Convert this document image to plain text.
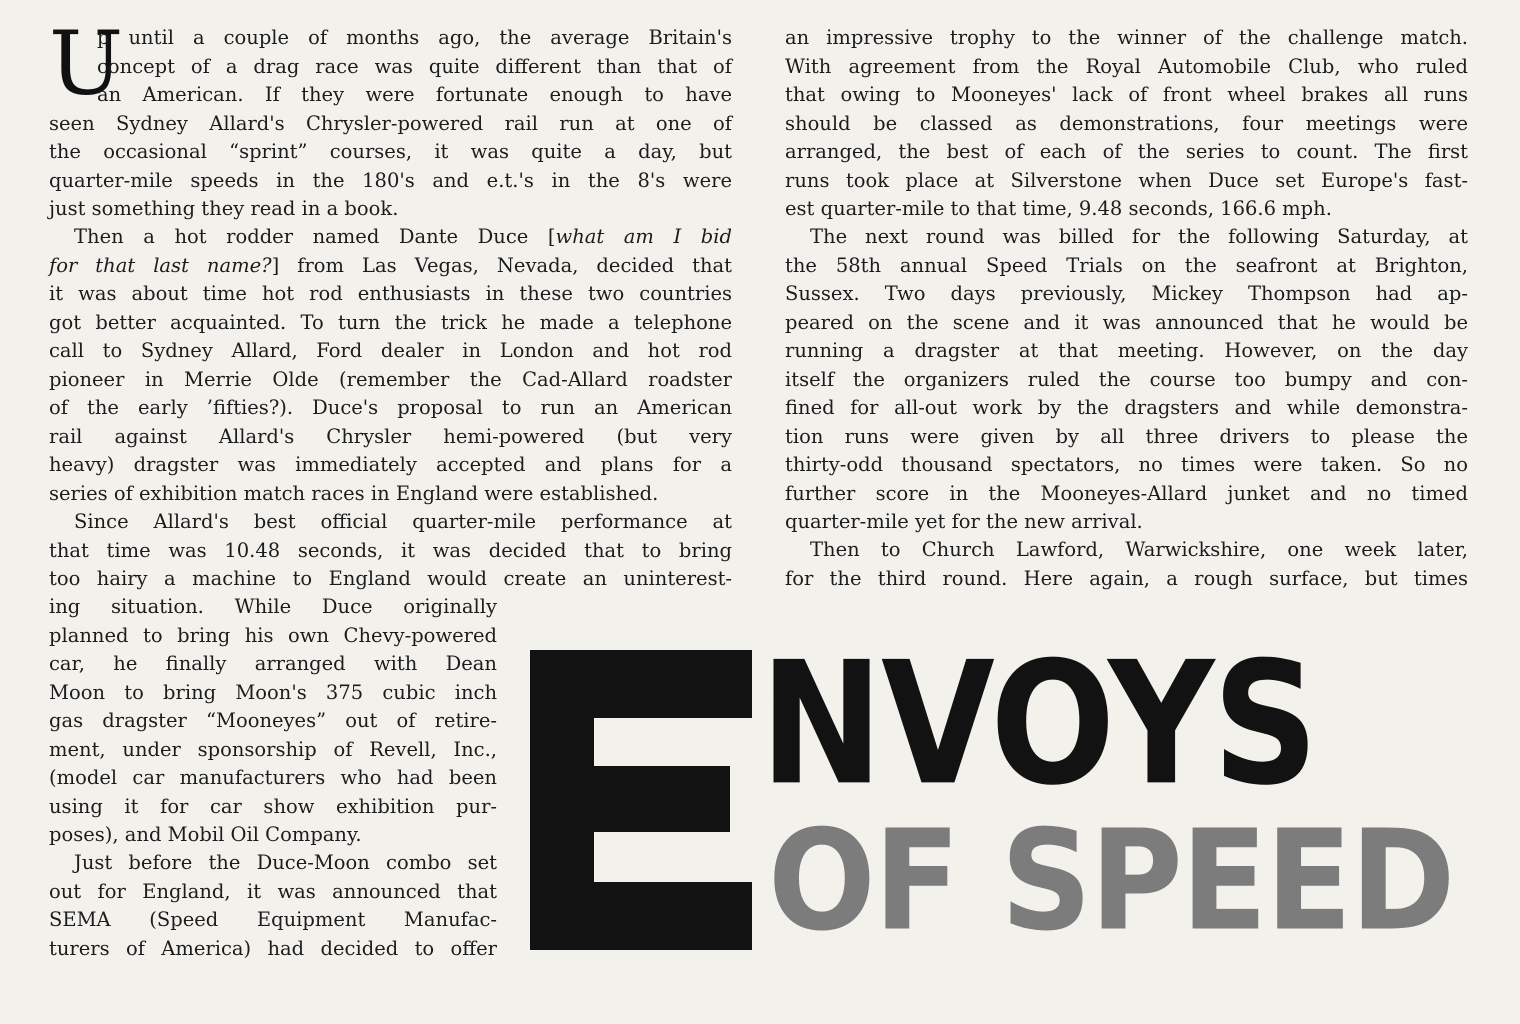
U
p until a couple of months ago, the average Britain's
concept of a drag race was quite different than that of
an American. If they were fortunate enough to have
seen Sydney Allard's Chrysler-powered rail run at one of
the occasional “sprint” courses, it was quite a day, but
quarter-mile speeds in the 180's and e.t.'s in the 8's were
just something they read in a book.
Then a hot rodder named Dante Duce [what am I bid
for that last name?] from Las Vegas, Nevada, decided that
it was about time hot rod enthusiasts in these two countries
got better acquainted. To turn the trick he made a telephone
call to Sydney Allard, Ford dealer in London and hot rod
pioneer in Merrie Olde (remember the Cad-Allard roadster
of the early ’fifties?). Duce's proposal to run an American
rail against Allard's Chrysler hemi-powered (but very
heavy) dragster was immediately accepted and plans for a
series of exhibition match races in England were established.
Since Allard's best official quarter-mile performance at
that time was 10.48 seconds, it was decided that to bring
too hairy a machine to England would create an uninterest-
ing situation. While Duce originally
planned to bring his own Chevy-powered
car, he finally arranged with Dean
Moon to bring Moon's 375 cubic inch
gas dragster “Mooneyes” out of retire-
ment, under sponsorship of Revell, Inc.,
(model car manufacturers who had been
using it for car show exhibition pur-
poses), and Mobil Oil Company.
Just before the Duce-Moon combo set
out for England, it was announced that
SEMA (Speed Equipment Manufac-
turers of America) had decided to offer
an impressive trophy to the winner of the challenge match.
With agreement from the Royal Automobile Club, who ruled
that owing to Mooneyes' lack of front wheel brakes all runs
should be classed as demonstrations, four meetings were
arranged, the best of each of the series to count. The first
runs took place at Silverstone when Duce set Europe's fast-
est quarter-mile to that time, 9.48 seconds, 166.6 mph.
The next round was billed for the following Saturday, at
the 58th annual Speed Trials on the seafront at Brighton,
Sussex. Two days previously, Mickey Thompson had ap-
peared on the scene and it was announced that he would be
running a dragster at that meeting. However, on the day
itself the organizers ruled the course too bumpy and con-
fined for all-out work by the dragsters and while demonstra-
tion runs were given by all three drivers to please the
thirty-odd thousand spectators, no times were taken. So no
further score in the Mooneyes-Allard junket and no timed
quarter-mile yet for the new arrival.
Then to Church Lawford, Warwickshire, one week later,
for the third round. Here again, a rough surface, but times
NVOYS
OF SPEED
